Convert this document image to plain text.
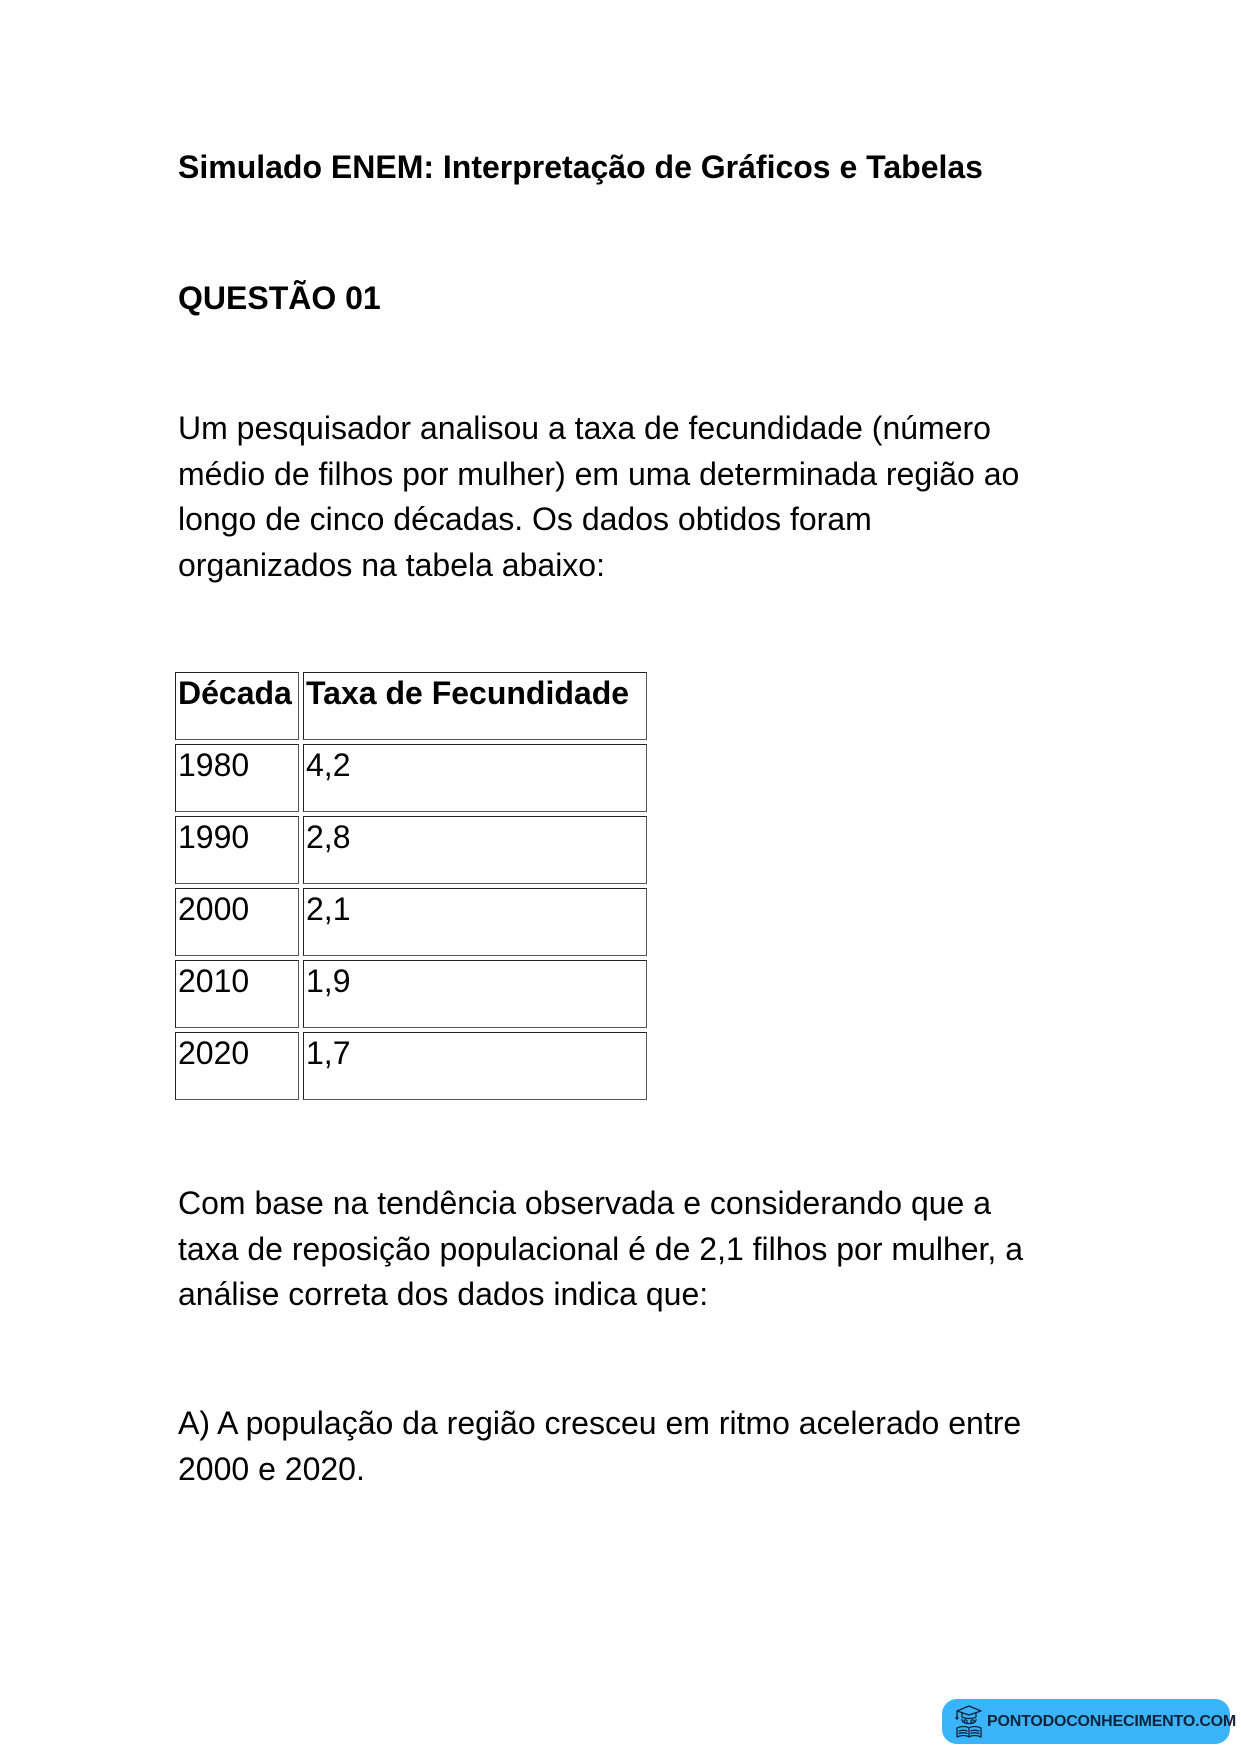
Simulado ENEM: Interpretação de Gráficos e Tabelas
QUESTÃO 01
Um pesquisador analisou a taxa de fecundidade (número
médio de filhos por mulher) em uma determinada região ao
longo de cinco décadas. Os dados obtidos foram
organizados na tabela abaixo:
Década	Taxa de Fecundidade
1980	4,2
1990	2,8
2000	2,1
2010	1,9
2020	1,7
Com base na tendência observada e considerando que a
taxa de reposição populacional é de 2,1 filhos por mulher, a
análise correta dos dados indica que:
A) A população da região cresceu em ritmo acelerado entre
2000 e 2020.
PONTODOCONHECIMENTO.COM
